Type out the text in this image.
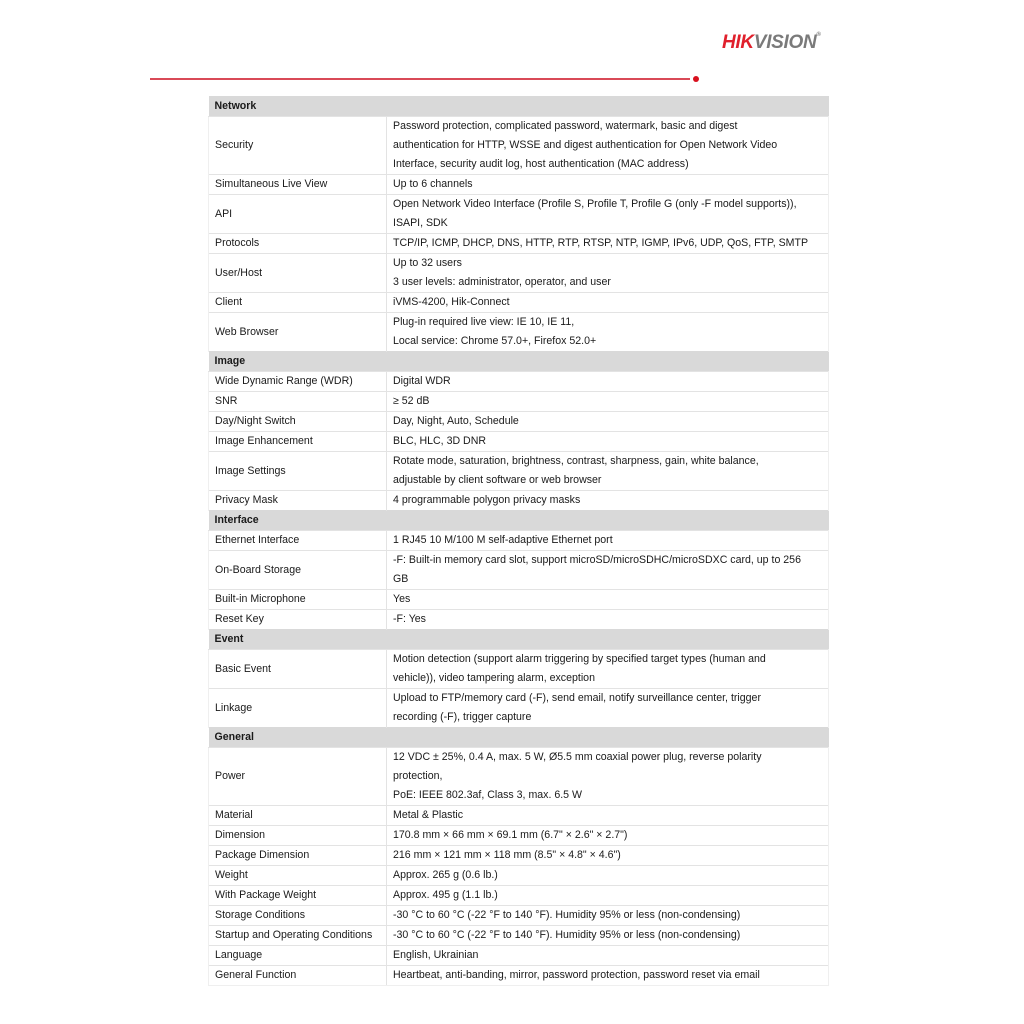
HIKVISION®
Network	
Security	Password protection, complicated password, watermark, basic and digest
authentication for HTTP, WSSE and digest authentication for Open Network Video
Interface, security audit log, host authentication (MAC address)

Simultaneous Live View	Up to 6 channels

API	Open Network Video Interface (Profile S, Profile T, Profile G (only -F model supports)),
ISAPI, SDK

Protocols	TCP/IP, ICMP, DHCP, DNS, HTTP, RTP, RTSP, NTP, IGMP, IPv6, UDP, QoS, FTP, SMTP

User/Host	Up to 32 users
3 user levels: administrator, operator, and user

Client	iVMS-4200, Hik-Connect

Web Browser	Plug-in required live view: IE 10, IE 11,
Local service: Chrome 57.0+, Firefox 52.0+

Image	
Wide Dynamic Range (WDR)	Digital WDR

SNR	≥ 52 dB

Day/Night Switch	Day, Night, Auto, Schedule

Image Enhancement	BLC, HLC, 3D DNR

Image Settings	Rotate mode, saturation, brightness, contrast, sharpness, gain, white balance,
adjustable by client software or web browser

Privacy Mask	4 programmable polygon privacy masks

Interface	
Ethernet Interface	1 RJ45 10 M/100 M self-adaptive Ethernet port

On-Board Storage	-F: Built-in memory card slot, support microSD/microSDHC/microSDXC card, up to 256
GB

Built-in Microphone	Yes

Reset Key	-F: Yes

Event	
Basic Event	Motion detection (support alarm triggering by specified target types (human and
vehicle)), video tampering alarm, exception

Linkage	Upload to FTP/memory card (-F), send email, notify surveillance center, trigger
recording (-F), trigger capture

General	
Power	12 VDC ± 25%, 0.4 A, max. 5 W, Ø5.5 mm coaxial power plug, reverse polarity
protection,
PoE: IEEE 802.3af, Class 3, max. 6.5 W

Material	Metal & Plastic

Dimension	170.8 mm × 66 mm × 69.1 mm (6.7" × 2.6" × 2.7")

Package Dimension	216 mm × 121 mm × 118 mm (8.5" × 4.8" × 4.6")

Weight	Approx. 265 g (0.6 lb.)

With Package Weight	Approx. 495 g (1.1 lb.)

Storage Conditions	-30 °C to 60 °C (-22 °F to 140 °F). Humidity 95% or less (non-condensing)

Startup and Operating Conditions	-30 °C to 60 °C (-22 °F to 140 °F). Humidity 95% or less (non-condensing)

Language	English, Ukrainian

General Function	Heartbeat, anti-banding, mirror, password protection, password reset via email
